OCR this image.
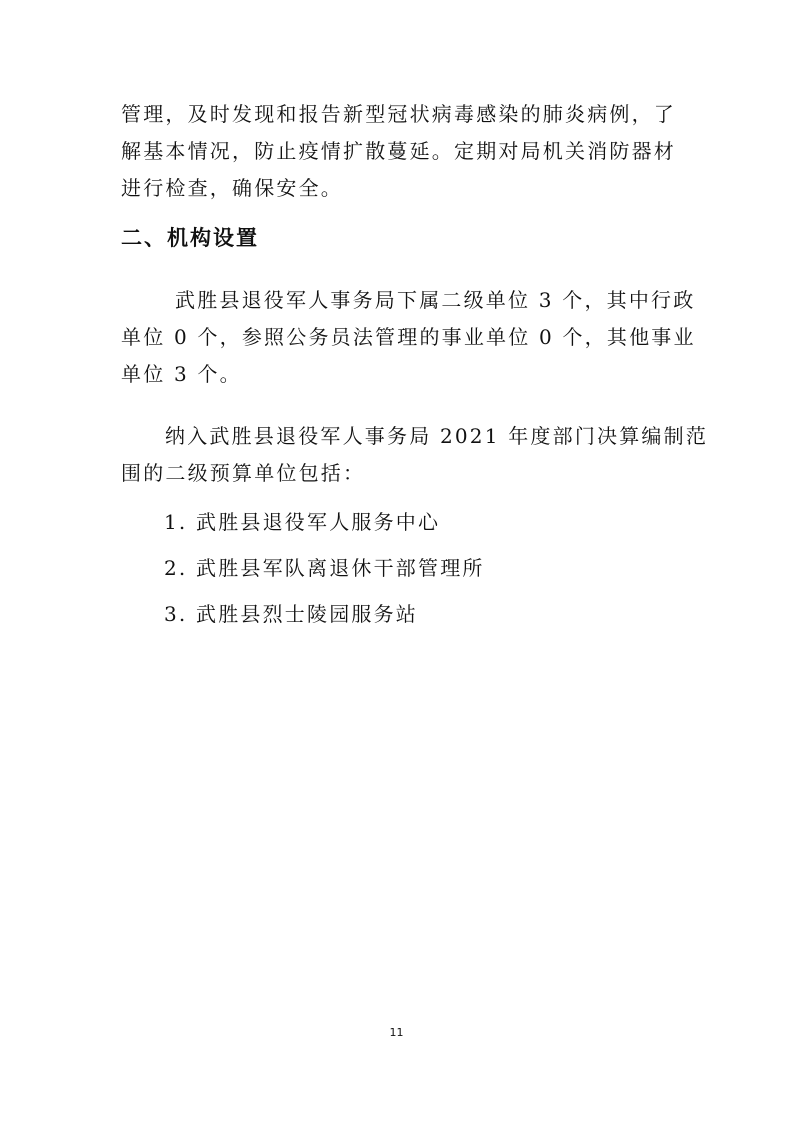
管理，及时发现和报告新型冠状病毒感染的肺炎病例，了
解基本情况，防止疫情扩散蔓延。定期对局机关消防器材
进行检查，确保安全。
二、机构设置
武胜县退役军人事务局下属二级单位 3 个，其中行政
单位 0 个，参照公务员法管理的事业单位 0 个，其他事业
单位 3 个。
纳入武胜县退役军人事务局 2021 年度部门决算编制范
围的二级预算单位包括：
1. 武胜县退役军人服务中心
2. 武胜县军队离退休干部管理所
3. 武胜县烈士陵园服务站
11
